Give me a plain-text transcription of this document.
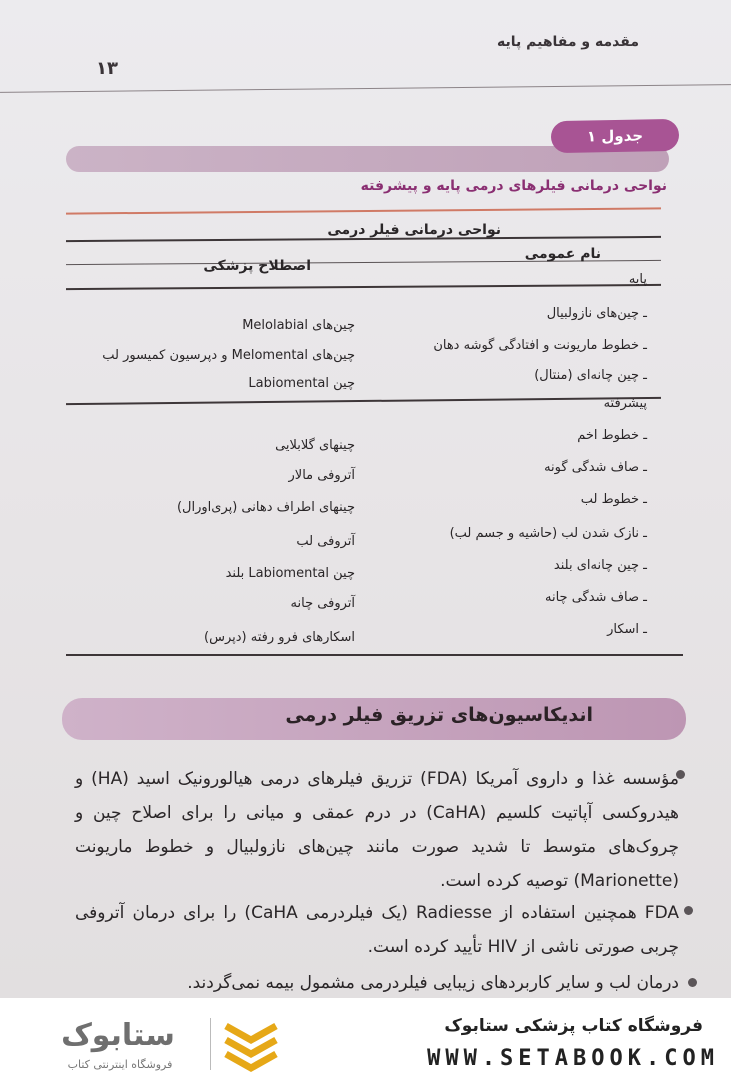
مقدمه و مفاهیم پایه
۱۳
جدول ۱
نواحی درمانی فیلرهای درمی پایه و پیشرفته
نواحی درمانی فیلر درمی
نام عمومی
اصطلاح پزشکی
پایه
ـ چین‌های نازولبیال
چین‌های Melolabial
ـ خطوط ماریونت و افتادگی گوشه دهان
چین‌های Melomental و دپرسیون کمیسور لب
ـ چین چانه‌ای (منتال)
چین Labiomental
پیشرفته
ـ خطوط اخم
چینهای گلابلایی
ـ صاف شدگی گونه
آتروفی مالار
ـ خطوط لب
چینهای اطراف دهانی (پری‌اورال)
ـ نازک شدن لب (حاشیه و جسم لب)
آتروفی لب
ـ چین چانه‌ای بلند
چین Labiomental بلند
ـ صاف شدگی چانه
آتروفی چانه
ـ اسکار
اسکارهای فرو رفته (دپرس)
اندیکاسیون‌های تزریق فیلر درمی
مؤسسه غذا و داروی آمریکا (FDA) تزریق فیلرهای درمی هیالورونیک اسید (HA) و
هیدروکسی آپاتیت کلسیم (CaHA) در درم عمقی و میانی را برای اصلاح چین و
چروک‌های متوسط تا شدید صورت مانند چین‌های نازولبیال و خطوط ماریونت
(Marionette) توصیه کرده است.
FDA همچنین استفاده از Radiesse (یک فیلردرمی CaHA) را برای درمان آتروفی
چربی صورتی ناشی از HIV تأیید کرده است.
درمان لب و سایر کاربردهای زیبایی فیلردرمی مشمول بیمه نمی‌گردند.
فروشگاه کتاب پزشکی ستابوک
WWW.SETABOOK.COM
ستابوک
فروشگاه اینترنتی کتاب
